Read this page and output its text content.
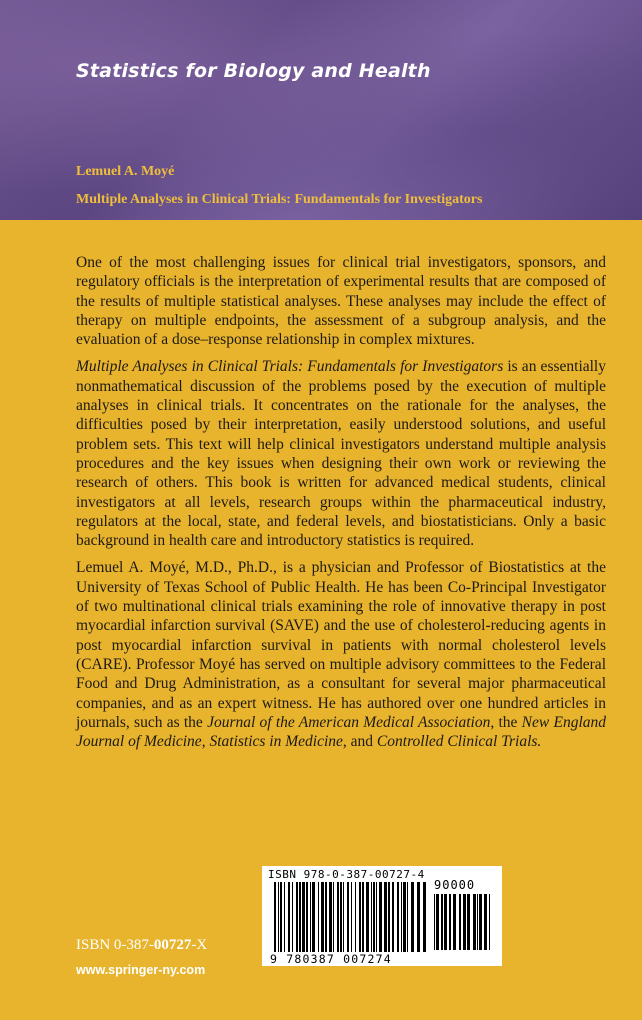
Statistics for Biology and Health

Lemuel A. Moyé

Multiple Analyses in Clinical Trials: Fundamentals for Investigators

One of the most challenging issues for clinical trial investigators, sponsors, and regulatory officials is the interpretation of experimental results that are composed of the results of multiple statistical analyses. These analyses may include the effect of therapy on multiple endpoints, the assessment of a subgroup analysis, and the evaluation of a dose–response relationship in complex mixtures.

Multiple Analyses in Clinical Trials: Fundamentals for Investigators is an essentially nonmathematical discussion of the problems posed by the execution of multiple analyses in clinical trials. It concentrates on the rationale for the analyses, the difficulties posed by their interpretation, easily understood solutions, and useful problem sets. This text will help clinical investigators understand multiple analysis procedures and the key issues when designing their own work or reviewing the research of others. This book is written for advanced medical students, clinical investigators at all levels, research groups within the pharmaceutical industry, regulators at the local, state, and federal levels, and biostatisticians. Only a basic background in health care and introductory statistics is required.

Lemuel A. Moyé, M.D., Ph.D., is a physician and Professor of Biostatistics at the University of Texas School of Public Health. He has been Co-Principal Investigator of two multinational clinical trials examining the role of innovative therapy in post myocardial infarction survival (SAVE) and the use of cholesterol-reducing agents in post myocardial infarction survival in patients with normal cholesterol levels (CARE). Professor Moyé has served on multiple advisory committees to the Federal Food and Drug Administration, as a consultant for several major pharmaceutical companies, and as an expert witness. He has authored over one hundred articles in journals, such as the Journal of the American Medical Association, the New England Journal of Medicine, Statistics in Medicine, and Controlled Clinical Trials.

ISBN 978-0-387-00727-4

90000

9 780387 007274

ISBN 0-387-00727-X

www.springer-ny.com
